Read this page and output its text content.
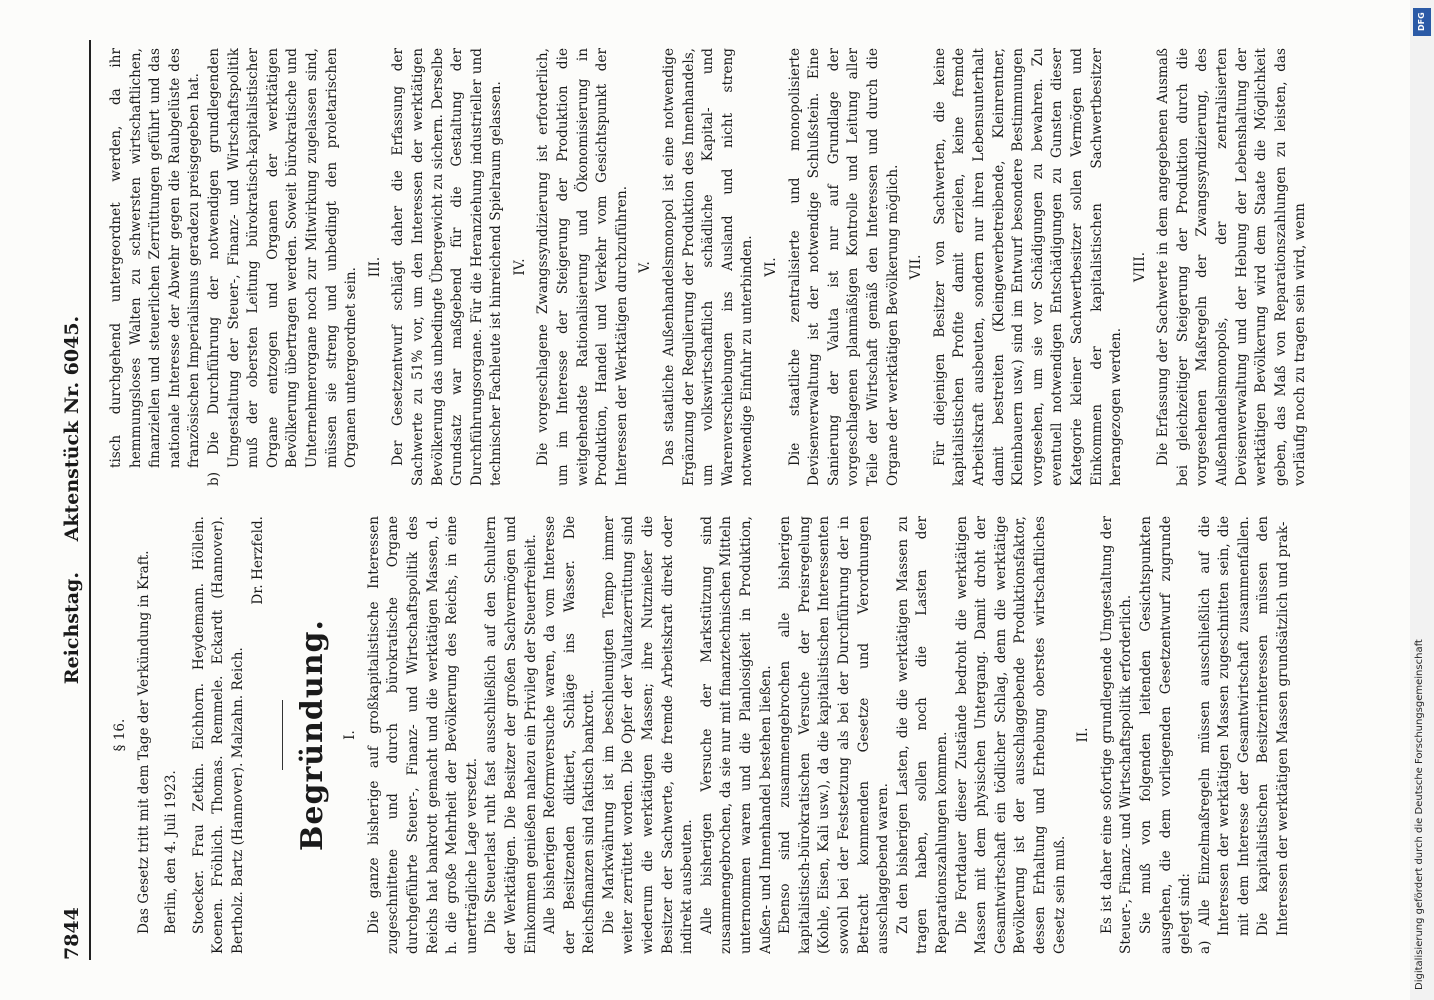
7844
Reichstag. Aktenstück Nr. 6045.

§ 16. Das Gesetz tritt mit dem Tage der Verkündung in Kraft. Berlin, den 4. Juli 1923. Stoecker. Frau Zetkin. Eichhorn. Heydemann. Höllein. Koenen. Fröhlich. Thomas. Remmele. Eckardt (Hannover). Bertholz. Bartz (Hannover). Malzahn. Reich.

Dr. Herzfeld.

Begründung. I. Die ganze bisherige auf großkapitalistische Interessen zugeschnittene und durch bürokratische Organe durchgeführte Steuer-, Finanz- und Wirtschaftspolitik des Reichs hat bankrott gemacht und die werktätigen Massen, d. h. die große Mehrheit der Bevölkerung des Reichs, in eine unerträgliche Lage versetzt. Die Steuerlast ruht fast ausschließlich auf den Schultern der Werktätigen. Die Besitzer der großen Sachvermögen und Einkommen genießen nahezu ein Privileg der Steuerfreiheit. Alle bisherigen Reformversuche waren, da vom Interesse der Besitzenden diktiert, Schläge ins Wasser. Die Reichsfinanzen sind faktisch bankrott. Die Markwährung ist im beschleunigten Tempo immer weiter zerrüttet worden. Die Opfer der Valutazerrüttung sind wiederum die werktätigen Massen; ihre Nutznießer die Besitzer der Sachwerte, die fremde Arbeitskraft direkt oder indirekt ausbeuten. Alle bisherigen Versuche der Markstützung sind zusammengebrochen, da sie nur mit finanztechnischen Mitteln unternommen waren und die Planlosigkeit in Produktion, Außen- und Innenhandel bestehen ließen. Ebenso sind zusammengebrochen alle bisherigen kapitalistisch-bürokratischen Versuche der Preisregelung (Kohle, Eisen, Kali usw.), da die kapitalistischen Interessenten sowohl bei der Festsetzung als bei der Durchführung der in Betracht kommenden Gesetze und Verordnungen ausschlaggebend waren. Zu den bisherigen Lasten, die die werktätigen Massen zu tragen haben, sollen noch die Lasten der Reparationszahlungen kommen. Die Fortdauer dieser Zustände bedroht die werktätigen Massen mit dem physischen Untergang. Damit droht der Gesamtwirtschaft ein tödlicher Schlag, denn die werktätige Bevölkerung ist der ausschlaggebende Produktionsfaktor, dessen Erhaltung und Erhebung oberstes wirtschaftliches Gesetz sein muß.

II. Es ist daher eine sofortige grundlegende Umgestaltung der Steuer-, Finanz- und Wirtschaftspolitik erforderlich. Sie muß von folgenden leitenden Gesichtspunkten ausgehen, die dem vorliegenden Gesetzentwurf zugrunde gelegt sind: a) Alle Einzelmaßregeln müssen ausschließlich auf die Interessen der werktätigen Massen zugeschnitten sein, die mit dem Interesse der Gesamtwirtschaft zusammenfallen. Die kapitalistischen Besitzerinteressen müssen den Interessen der werktätigen Massen grundsätzlich und prak-

tisch durchgehend untergeordnet werden, da ihr hemmungsloses Walten zu schwersten wirtschaftlichen, finanziellen und steuerlichen Zerrüttungen geführt und das nationale Interesse der Abwehr gegen die Raubgelüste des französischen Imperialismus geradezu preisgegeben hat. b) Die Durchführung der notwendigen grundlegenden Umgestaltung der Steuer-, Finanz- und Wirtschaftspolitik muß der obersten Leitung bürokratisch-kapitalistischer Organe entzogen und Organen der werktätigen Bevölkerung übertragen werden. Soweit bürokratische und Unternehmerorgane noch zur Mitwirkung zugelassen sind, müssen sie streng und unbedingt den proletarischen Organen untergeordnet sein. III. Der Gesetzentwurf schlägt daher die Erfassung der Sachwerte zu 51% vor, um den Interessen der werktätigen Bevölkerung das unbedingte Übergewicht zu sichern. Derselbe Grundsatz war maßgebend für die Gestaltung der Durchführungsorgane. Für die Heranziehung industrieller und technischer Fachleute ist hinreichend Spielraum gelassen. IV. Die vorgeschlagene Zwangssyndizierung ist erforderlich, um im Interesse der Steigerung der Produktion die weitgehendste Rationalisierung und Ökonomisierung in Produktion, Handel und Verkehr vom Gesichtspunkt der Interessen der Werktätigen durchzuführen. V. Das staatliche Außenhandelsmonopol ist eine notwendige Ergänzung der Regulierung der Produktion des Innenhandels, um volkswirtschaftlich schädliche Kapital- und Warenverschiebungen ins Ausland und nicht streng notwendige Einfuhr zu unterbinden. VI. Die staatliche zentralisierte und monopolisierte Devisenverwaltung ist der notwendige Schlußstein. Eine Sanierung der Valuta ist nur auf Grundlage der vorgeschlagenen planmäßigen Kontrolle und Leitung aller Teile der Wirtschaft gemäß den Interessen und durch die Organe der werktätigen Bevölkerung möglich. VII. Für diejenigen Besitzer von Sachwerten, die keine kapitalistischen Profite damit erzielen, keine fremde Arbeitskraft ausbeuten, sondern nur ihren Lebensunterhalt damit bestreiten (Kleingewerbetreibende, Kleinrentner, Kleinbauern usw.) sind im Entwurf besondere Bestimmungen vorgesehen, um sie vor Schädigungen zu bewahren. Zu eventuell notwendigen Entschädigungen zu Gunsten dieser Kategorie kleiner Sachwertbesitzer sollen Vermögen und Einkommen der kapitalistischen Sachwertbesitzer herangezogen werden.

VIII. Die Erfassung der Sachwerte in dem angegebenen Ausmaß bei gleichzeitiger Steigerung der Produktion durch die vorgesehenen Maßregeln der Zwangssyndizierung, des Außenhandelsmonopols, der zentralisierten Devisenverwaltung und der Hebung der Lebenshaltung der werktätigen Bevölkerung wird dem Staate die Möglichkeit geben, das Maß von Reparationszahlungen zu leisten, das vorläufig noch zu tragen sein wird, wenn

DFG
Digitalisierung gefördert durch die Deutsche Forschungsgemeinschaft
